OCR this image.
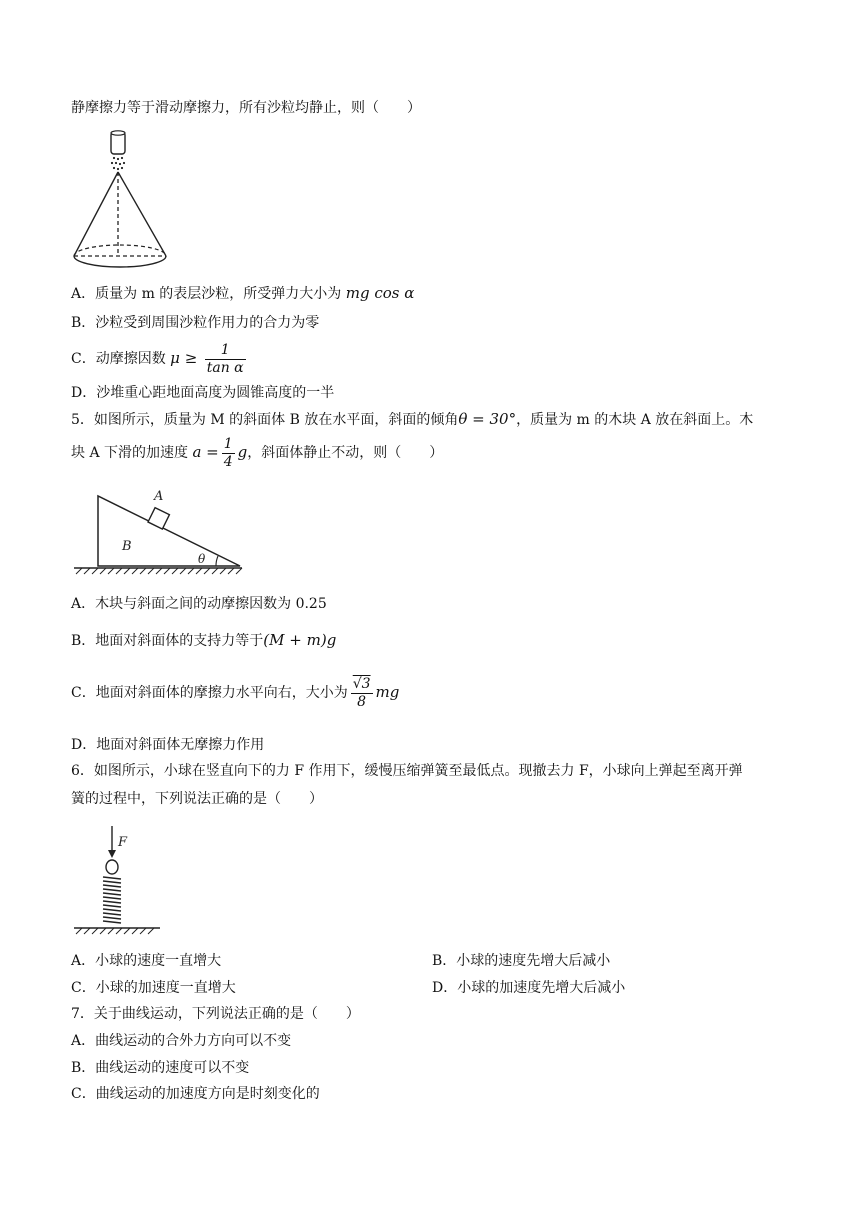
静摩擦力等于滑动摩擦力，所有沙粒均静止，则（　　）
A．质量为 m 的表层沙粒，所受弹力大小为 mg cos α
B．沙粒受到周围沙粒作用力的合力为零
C．动摩擦因数 $\mu \ge \frac{1}{\text{tan α}}$
D．沙堆重心距地面高度为圆锥高度的一半
5．如图所示，质量为 M 的斜面体 B 放在水平面，斜面的倾角θ = 30°，质量为 m 的木块 A 放在斜面上。木
块 A 下滑的加速度 $a = \frac{1}{4}$ g，斜面体静止不动，则（　　）
A
B
θ
A．木块与斜面之间的动摩擦因数为 0.25
B．地面对斜面体的支持力等于(M + m)g
C．地面对斜面体的摩擦力水平向右，大小为 $\frac{√3}{8}$ mg
D．地面对斜面体无摩擦力作用
6．如图所示，小球在竖直向下的力 F 作用下，缓慢压缩弹簧至最低点。现撤去力 F，小球向上弹起至离开弹
簧的过程中，下列说法正确的是（　　）
F
A．小球的速度一直增大	B．小球的速度先增大后减小
C．小球的加速度一直增大	D．小球的加速度先增大后减小
7．关于曲线运动，下列说法正确的是（　　）
A．曲线运动的合外力方向可以不变
B．曲线运动的速度可以不变
C．曲线运动的加速度方向是时刻变化的
